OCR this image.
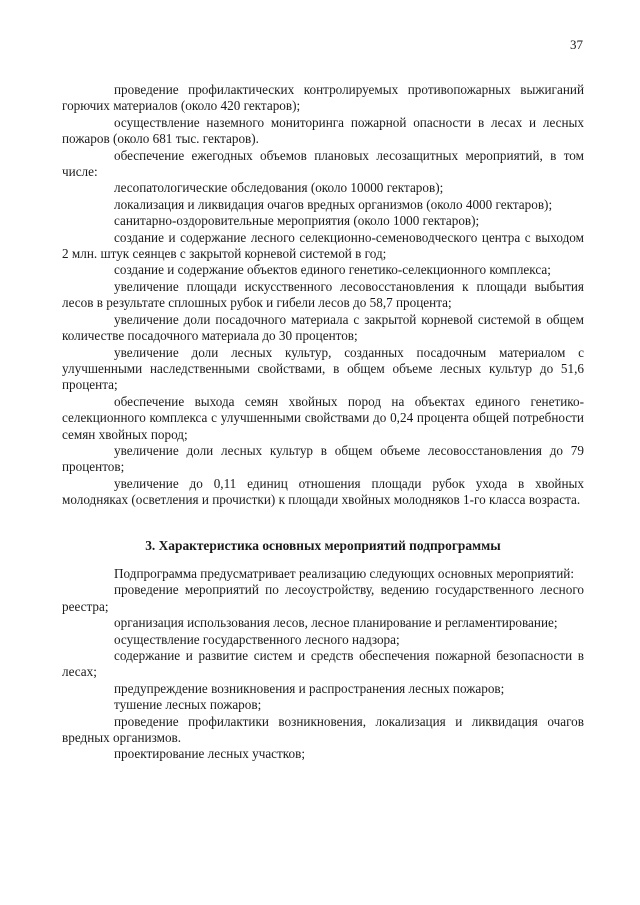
37

проведение профилактических контролируемых противопожарных выжиганий горючих материалов (около 420 гектаров);

осуществление наземного мониторинга пожарной опасности в лесах и лесных пожаров (около 681 тыс. гектаров).

обеспечение ежегодных объемов плановых лесозащитных мероприятий, в том числе:

лесопатологические обследования (около 10000 гектаров);

локализация и ликвидация очагов вредных организмов (около 4000 гектаров);

санитарно-оздоровительные мероприятия (около 1000 гектаров);

создание и содержание лесного селекционно-семеноводческого центра с выходом 2 млн. штук сеянцев с закрытой корневой системой в год;

создание и содержание объектов единого генетико-селекционного комплекса;

увеличение площади искусственного лесовосстановления к площади выбытия лесов в результате сплошных рубок и гибели лесов до 58,7 процента;

увеличение доли посадочного материала с закрытой корневой системой в общем количестве посадочного материала до 30 процентов;

увеличение доли лесных культур, созданных посадочным материалом с улучшенными наследственными свойствами, в общем объеме лесных культур до 51,6 процента;

обеспечение выхода семян хвойных пород на объектах единого генетико-селекционного комплекса с улучшенными свойствами до 0,24 процента общей потребности семян хвойных пород;

увеличение доли лесных культур в общем объеме лесовосстановления до 79 процентов;

увеличение до 0,11 единиц отношения площади рубок ухода в хвойных молодняках (осветления и прочистки) к площади хвойных молодняков 1-го класса возраста.

3. Характеристика основных мероприятий подпрограммы

Подпрограмма предусматривает реализацию следующих основных мероприятий:

проведение мероприятий по лесоустройству, ведению государственного лесного реестра;

организация использования лесов, лесное планирование и регламентирование;

осуществление государственного лесного надзора;

содержание и развитие систем и средств обеспечения пожарной безопасности в лесах;

предупреждение возникновения и распространения лесных пожаров;

тушение лесных пожаров;

проведение профилактики возникновения, локализация и ликвидация очагов вредных организмов.

проектирование лесных участков;
